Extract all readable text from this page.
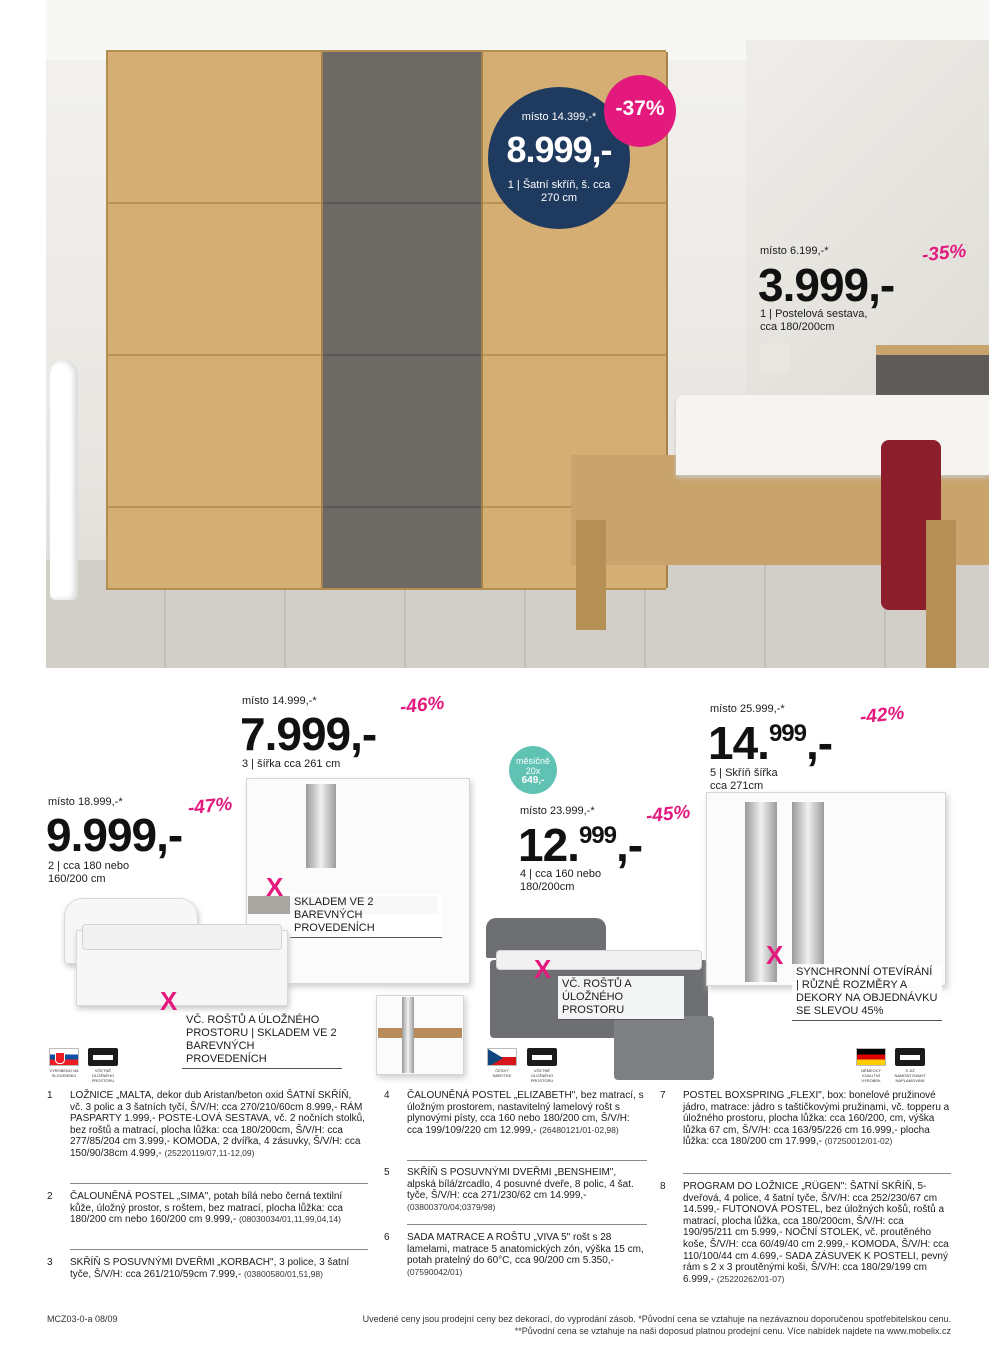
místo 14.399,-*
8.999,-
1 | Šatní skříň, š. cca 270 cm
-37%
místo 6.199,-*	-35%
3.999,-
1 | Postelová sestava,
cca 180/200cm
místo 14.999,-*	-46%
7.999,-
3 | šířka cca 261 cm
X SKLADEM VE 2 BAREVNÝCH PROVEDENÍCH
místo 18.999,-*	-47%
9.999,-
2 | cca 180 nebo
160/200 cm
X
VČ. ROŠTŮ A ÚLOŽNÉHO PROSTORU | SKLADEM VE 2 BAREVNÝCH PROVEDENÍCH
měsíčně
20x
649,-
místo 23.999,-*	-45%
12.$^{999}$,-
4 | cca 160 nebo
180/200cm
X VČ. ROŠTŮ A ÚLOŽNÉHO PROSTORU
místo 25.999,-*	-42%
14.$^{999}$,-
5 | Skříň šířka
cca 271cm
X
SYNCHRONNÍ OTEVÍRÁNÍ | RŮZNÉ ROZMĚRY A DEKORY NA OBJEDNÁVKU SE SLEVOU 45%
VYROBENO NA SLOVENSKU
VČETNĚ ÚLOŽNÉHO PROSTORU
ČESKÝ NÁBYTEK
VČETNĚ ÚLOŽNÉHO PROSTORU
NĚMECKÝ KVALITNÍ VÝROBEK
S JIŽ NAMONTOVANÝ NAPLAMOVÁNÍ
1	LOŽNICE „MALTA, dekor dub Aristan/beton oxid ŠATNÍ SKŘÍŇ, vč. 3 polic a 3 šatních tyčí, Š/V/H: cca 270/210/60cm 8.999,- RÁM PASPARTY 1.999,- POSTE-LOVÁ SESTAVA, vč. 2 nočních stolků, bez roštů a matrací, plocha lůžka: cca 180/200cm, Š/V/H: cca 277/85/204 cm 3.999,- KOMODA, 2 dvířka, 4 zásuvky, Š/V/H: cca 150/90/38cm 4.999,- (25220119/07,11-12,09)
2	ČALOUNĚNÁ POSTEL „SIMA", potah bílá nebo černá textilní kůže, úložný prostor, s roštem, bez matrací, plocha lůžka: cca 180/200 cm nebo 160/200 cm 9.999,- (08030034/01,11,99,04,14)
3	SKŘÍŇ S POSUVNÝMI DVEŘMI „KORBACH", 3 police, 3 šatní tyče, Š/V/H: cca 261/210/59cm 7.999,- (03800580/01,51,98)
4	ČALOUNĚNÁ POSTEL „ELIZABETH", bez matrací, s úložným prostorem, nastavitelný lamelový rošt s plynovými písty, cca 160 nebo 180/200 cm, Š/V/H: cca 199/109/220 cm 12.999,- (26480121/01-02,98)
5	SKŘÍŇ S POSUVNÝMI DVEŘMI „BENSHEIM", alpská bílá/zrcadlo, 4 posuvné dveře, 8 polic, 4 šat. tyče, Š/V/H: cca 271/230/62 cm 14.999,- (03800370/04;0379/98)
6	SADA MATRACE A ROŠTU „VIVA 5" rošt s 28 lamelami, matrace 5 anatomických zón, výška 15 cm, potah pratelný do 60°C, cca 90/200 cm 5.350,- (07590042/01)
7	POSTEL BOXSPRING „FLEXI", box: bonelové pružinové jádro, matrace: jádro s taštičkovými pružinami, vč. topperu a úložného prostoru, plocha lůžka: cca 160/200, cm, výška lůžka 67 cm, Š/V/H: cca 163/95/226 cm 16.999,- plocha lůžka: cca 180/200 cm 17.999,- (07250012/01-02)
8	PROGRAM DO LOŽNICE „RÜGEN": ŠATNÍ SKŘÍŇ, 5-dveřová, 4 police, 4 šatní tyče, Š/V/H: cca 252/230/67 cm 14.599,- FUTONOVÁ POSTEL, bez úložných košů, roštů a matrací, plocha lůžka, cca 180/200cm, Š/V/H: cca 190/95/211 cm 5.999,- NOČNÍ STOLEK, vč. proutěného koše, Š/V/H: cca 60/49/40 cm 2.999,- KOMODA, Š/V/H: cca 110/100/44 cm 4.699,- SADA ZÁSUVEK K POSTELI, pevný rám s 2 x 3 proutěnými koši, Š/V/H: cca 180/29/199 cm 6.999,- (25220262/01-07)
MCZ03-0-a 08/09	Uvedené ceny jsou prodejní ceny bez dekorací, do vyprodání zásob. *Původní cena se vztahuje na nezávaznou doporučenou spotřebitelskou cenu.
**Původní cena se vztahuje na naši doposud platnou prodejní cenu. Více nabídek najdete na www.mobelix.cz
